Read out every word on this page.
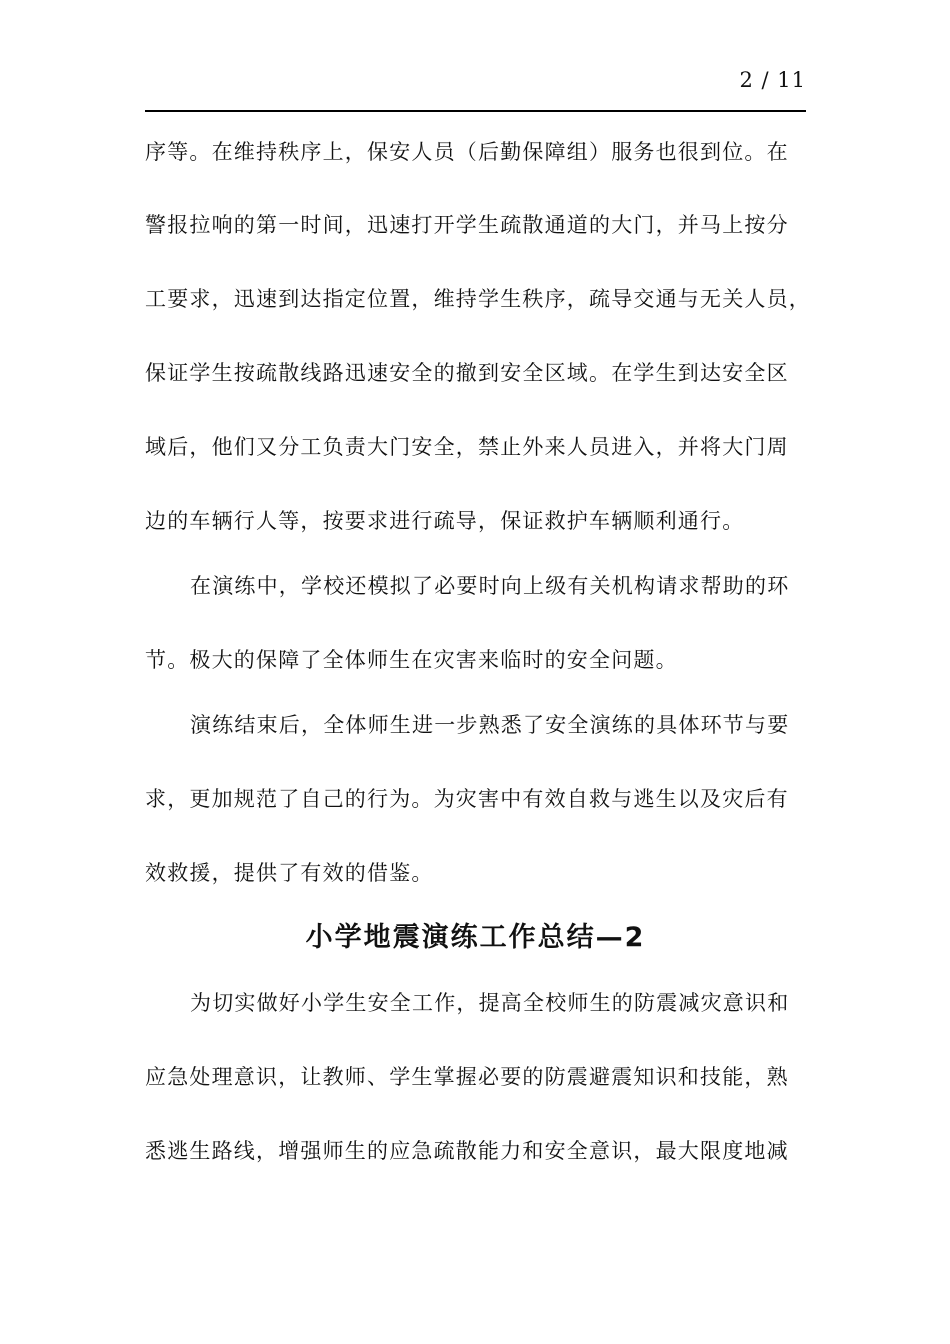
2 / 11

序等。在维持秩序上，保安人员（后勤保障组）服务也很到位。在

警报拉响的第一时间，迅速打开学生疏散通道的大门，并马上按分

工要求，迅速到达指定位置，维持学生秩序，疏导交通与无关人员，

保证学生按疏散线路迅速安全的撤到安全区域。在学生到达安全区

域后，他们又分工负责大门安全，禁止外来人员进入，并将大门周

边的车辆行人等，按要求进行疏导，保证救护车辆顺利通行。

在演练中，学校还模拟了必要时向上级有关机构请求帮助的环

节。极大的保障了全体师生在灾害来临时的安全问题。

演练结束后，全体师生进一步熟悉了安全演练的具体环节与要

求，更加规范了自己的行为。为灾害中有效自救与逃生以及灾后有

效救援，提供了有效的借鉴。

小学地震演练工作总结—2

为切实做好小学生安全工作，提高全校师生的防震减灾意识和

应急处理意识，让教师、学生掌握必要的防震避震知识和技能，熟

悉逃生路线，增强师生的应急疏散能力和安全意识，最大限度地减
